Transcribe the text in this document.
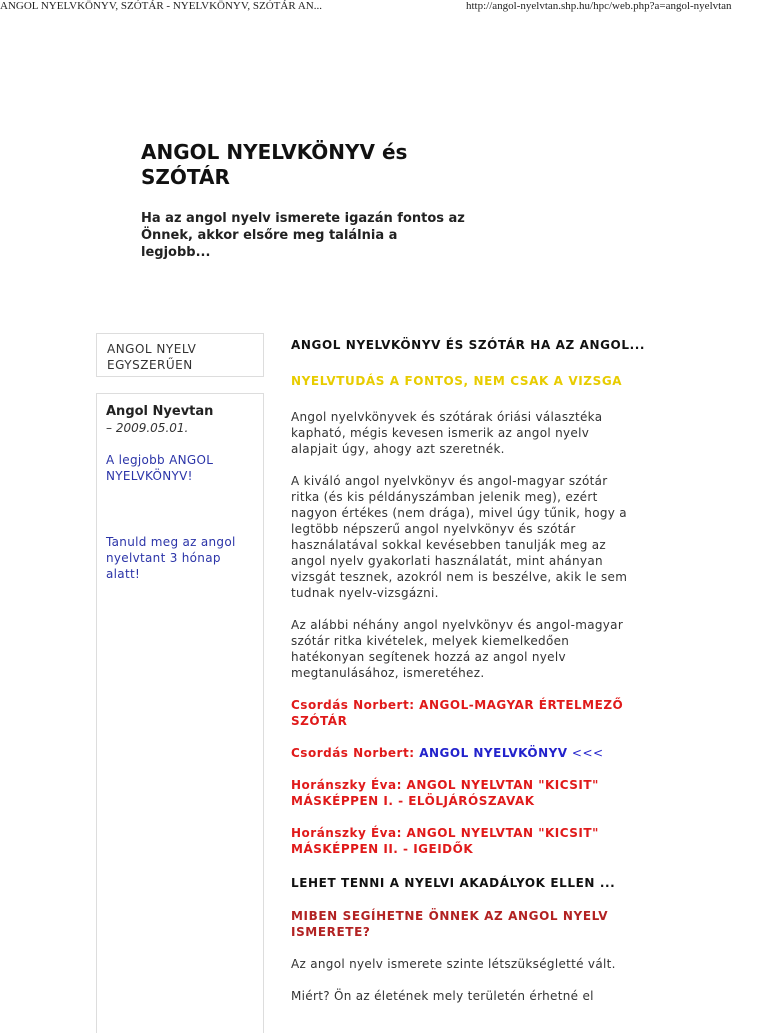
ANGOL NYELVKÖNYV, SZÓTÁR - NYELVKÖNYV, SZÓTÁR AN...	http://angol-nyelvtan.shp.hu/hpc/web.php?a=angol-nyelvtan
ANGOL NYELVKÖNYV és
SZÓTÁR

Ha az angol nyelv ismerete igazán fontos az
Önnek, akkor elsőre meg találnia a
legjobb...

ANGOL NYELV
EGYSZERŰEN
Angol Nyevtan
– 2009.05.01.
A legjobb ANGOL
NYELVKÖNYV!
Tanuld meg az angol
nyelvtant 3 hónap
alatt!
ANGOL NYELVKÖNYV ÉS SZÓTÁR HA AZ ANGOL...
NYELVTUDÁS A FONTOS, NEM CSAK A VIZSGA

Angol nyelvkönyvek és szótárak óriási választéka
kapható, mégis kevesen ismerik az angol nyelv
alapjait úgy, ahogy azt szeretnék.

A kiváló angol nyelvkönyv és angol-magyar szótár
ritka (és kis példányszámban jelenik meg), ezért
nagyon értékes (nem drága), mivel úgy tűnik, hogy a
legtöbb népszerű angol nyelvkönyv és szótár
használatával sokkal kevésebben tanulják meg az
angol nyelv gyakorlati használatát, mint ahányan
vizsgát tesznek, azokról nem is beszélve, akik le sem
tudnak nyelv-vizsgázni.

Az alábbi néhány angol nyelvkönyv és angol-magyar
szótár ritka kivételek, melyek kiemelkedően
hatékonyan segítenek hozzá az angol nyelv
megtanulásához, ismeretéhez.

Csordás Norbert: ANGOL-MAGYAR ÉRTELMEZŐ
SZÓTÁR

Csordás Norbert: ANGOL NYELVKÖNYV <<<

Horánszky Éva: ANGOL NYELVTAN "KICSIT"
MÁSKÉPPEN I. - ELÖLJÁRÓSZAVAK

Horánszky Éva: ANGOL NYELVTAN "KICSIT"
MÁSKÉPPEN II. - IGEIDŐK

LEHET TENNI A NYELVI AKADÁLYOK ELLEN ...
MIBEN SEGÍHETNE ÖNNEK AZ ANGOL NYELV
ISMERETE?

Az angol nyelv ismerete szinte létszükségletté vált.

Miért? Ön az életének mely területén érhetné el
